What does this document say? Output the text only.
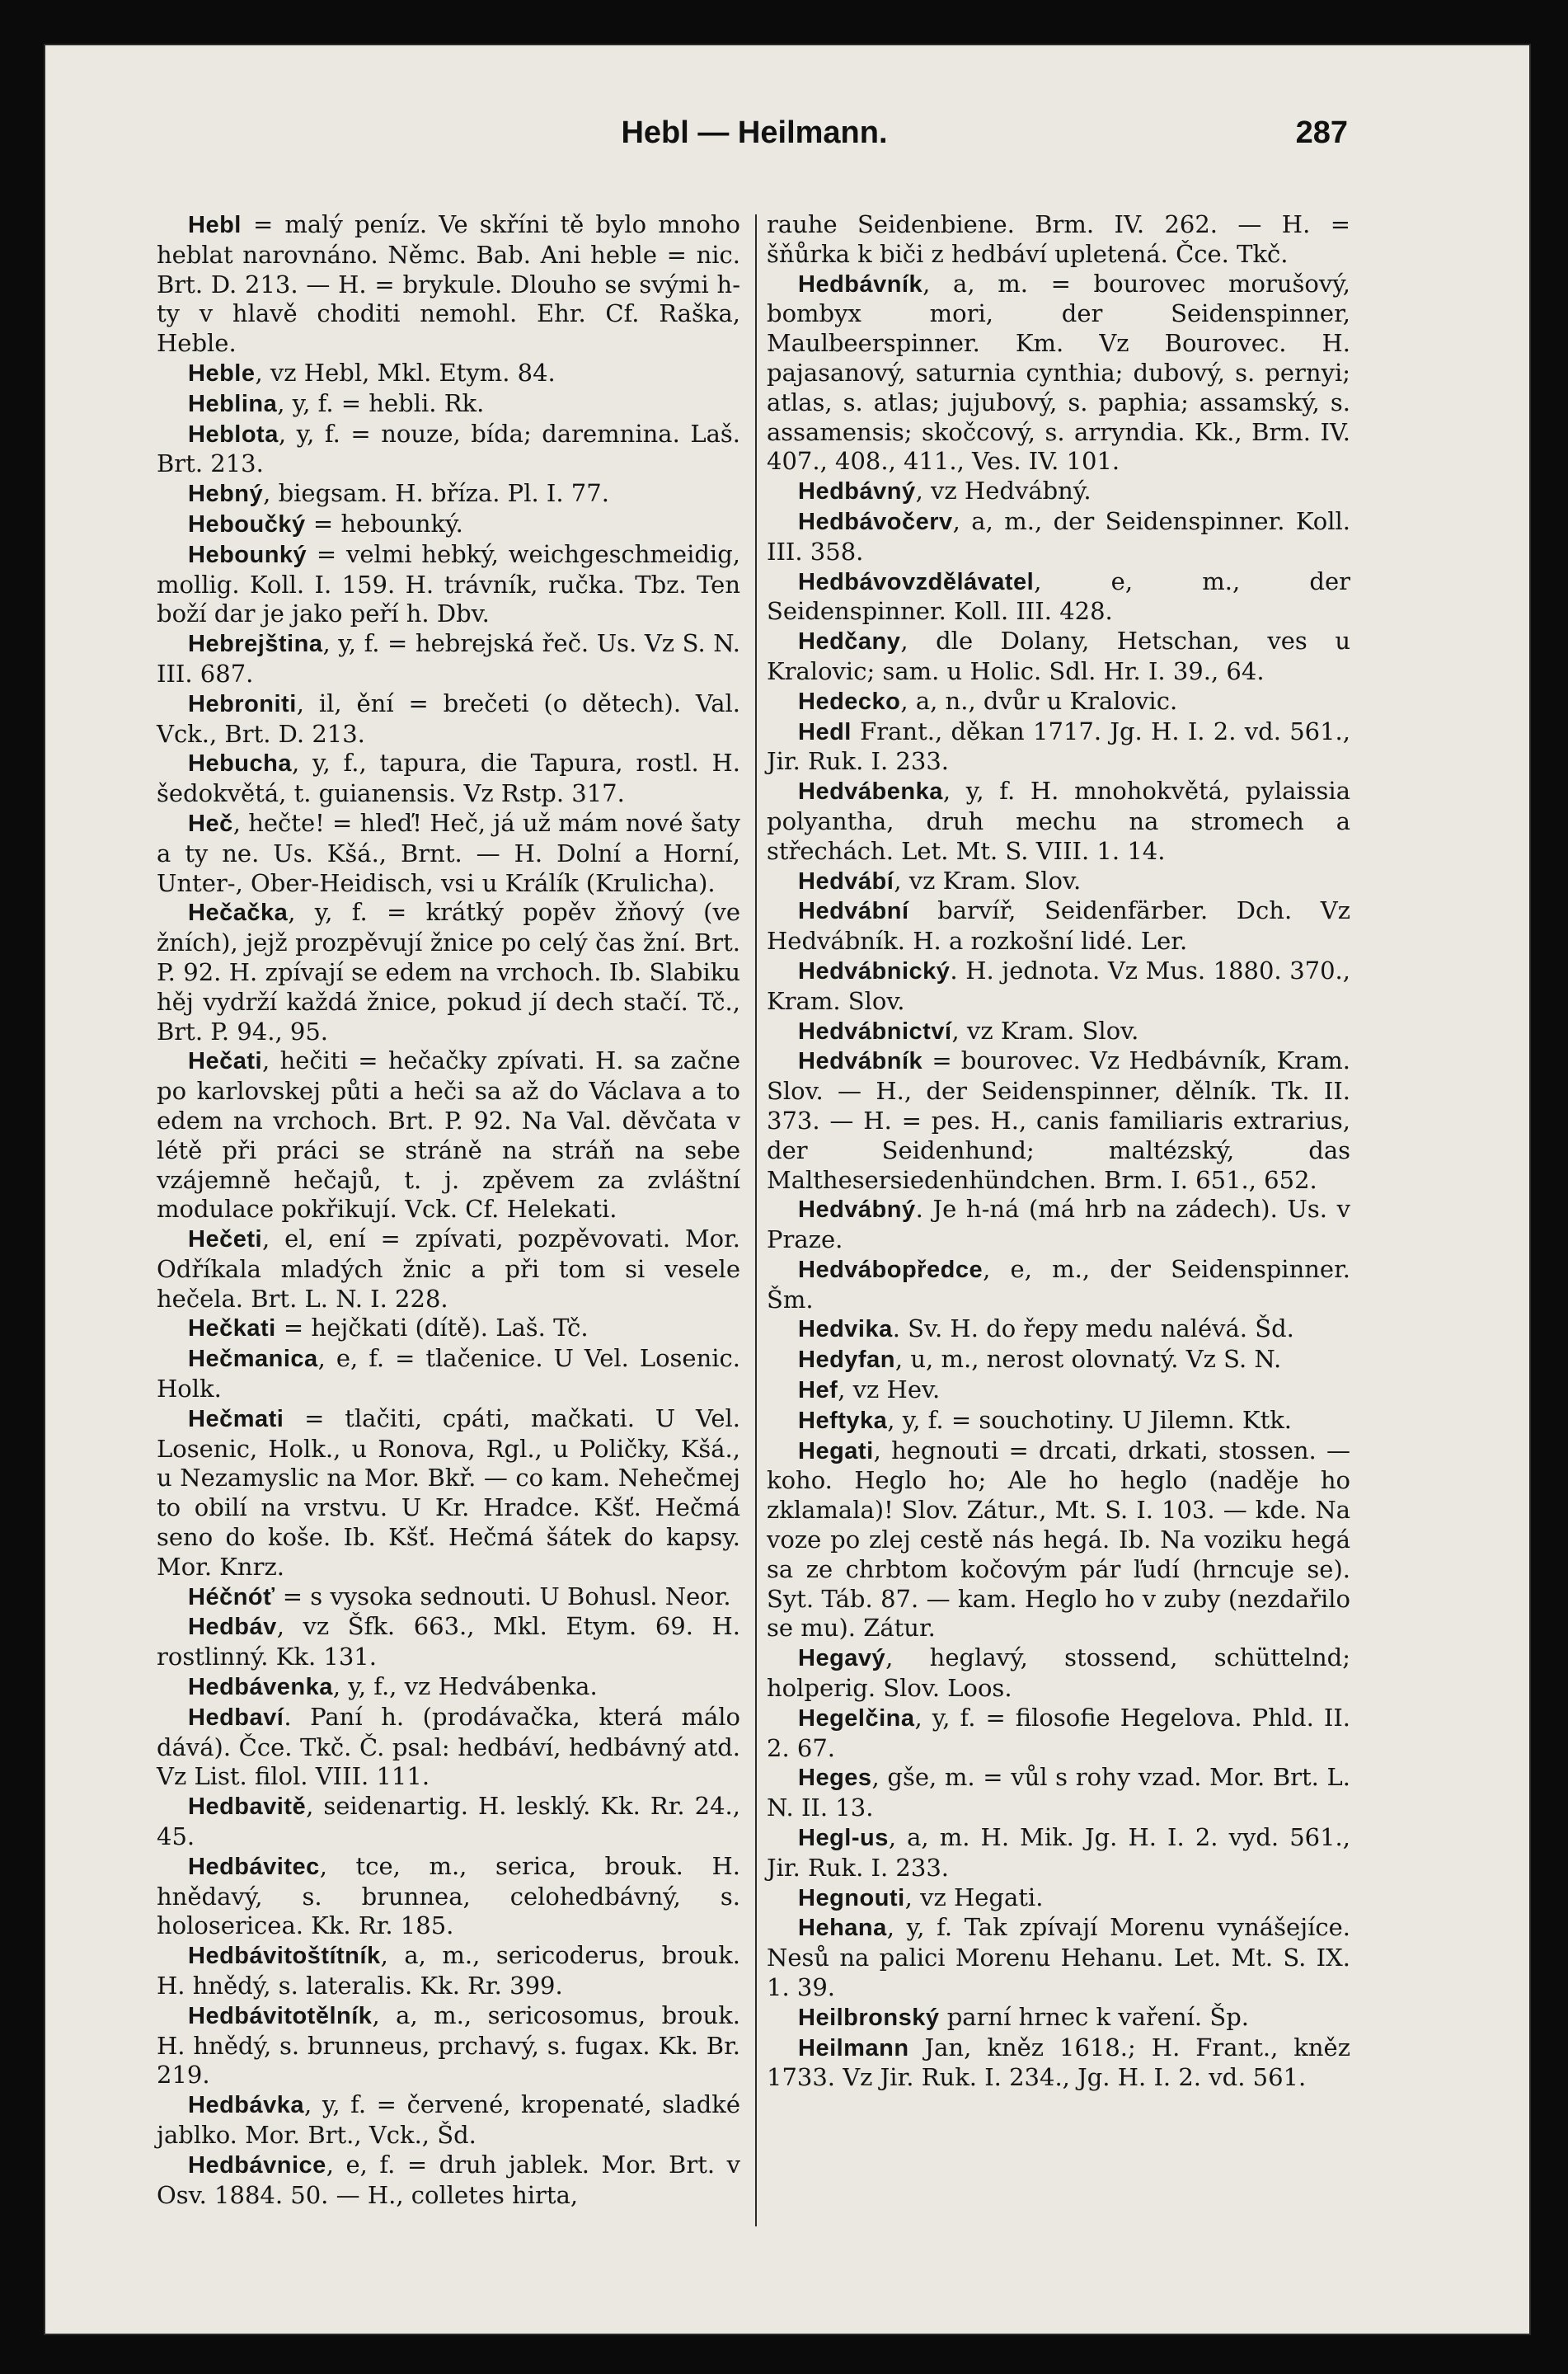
Hebl — Heilmann.	287

Hebl = malý peníz. Ve skříni tě bylo mnoho heblat narovnáno. Němc. Bab. Ani heble = nic. Brt. D. 213. — H. = brykule. Dlouho se svými h-ty v hlavě choditi nemohl. Ehr. Cf. Raška, Heble.

Heble, vz Hebl, Mkl. Etym. 84.

Heblina, y, f. = hebli. Rk.

Heblota, y, f. = nouze, bída; daremnina. Laš. Brt. 213.

Hebný, biegsam. H. bříza. Pl. I. 77.

Heboučký = hebounký.

Hebounký = velmi hebký, weichgeschmeidig, mollig. Koll. I. 159. H. trávník, ručka. Tbz. Ten boží dar je jako peří h. Dbv.

Hebrejština, y, f. = hebrejská řeč. Us. Vz S. N. III. 687.

Hebroniti, il, ění = brečeti (o dětech). Val. Vck., Brt. D. 213.

Hebucha, y, f., tapura, die Tapura, rostl. H. šedokvětá, t. guianensis. Vz Rstp. 317.

Heč, hečte! = hleď! Heč, já už mám nové šaty a ty ne. Us. Kšá., Brnt. — H. Dolní a Horní, Unter-, Ober-Heidisch, vsi u Králík (Krulicha).

Hečačka, y, f. = krátký popěv žňový (ve žních), jejž prozpěvují žnice po celý čas žní. Brt. P. 92. H. zpívají se edem na vrchoch. Ib. Slabiku hěj vydrží každá žnice, pokud jí dech stačí. Tč., Brt. P. 94., 95.

Hečati, hečiti = hečačky zpívati. H. sa začne po karlovskej půti a heči sa až do Václava a to edem na vrchoch. Brt. P. 92. Na Val. děvčata v létě při práci se stráně na stráň na sebe vzájemně hečajů, t. j. zpěvem za zvláštní modulace pokřikují. Vck. Cf. Helekati.

Hečeti, el, ení = zpívati, pozpěvovati. Mor. Odříkala mladých žnic a při tom si vesele hečela. Brt. L. N. I. 228.

Hečkati = hejčkati (dítě). Laš. Tč.

Hečmanica, e, f. = tlačenice. U Vel. Losenic. Holk.

Hečmati = tlačiti, cpáti, mačkati. U Vel. Losenic, Holk., u Ronova, Rgl., u Poličky, Kšá., u Nezamyslic na Mor. Bkř. — co kam. Nehečmej to obilí na vrstvu. U Kr. Hradce. Kšť. Hečmá seno do koše. Ib. Kšť. Hečmá šátek do kapsy. Mor. Knrz.

Héčnóť = s vysoka sednouti. U Bohusl. Neor.

Hedbáv, vz Šfk. 663., Mkl. Etym. 69. H. rostlinný. Kk. 131.

Hedbávenka, y, f., vz Hedvábenka.

Hedbaví. Paní h. (prodávačka, která málo dává). Čce. Tkč. Č. psal: hedbáví, hedbávný atd. Vz List. filol. VIII. 111.

Hedbavitě, seidenartig. H. lesklý. Kk. Rr. 24., 45.

Hedbávitec, tce, m., serica, brouk. H. hnědavý, s. brunnea, celohedbávný, s. holosericea. Kk. Rr. 185.

Hedbávitoštítník, a, m., sericoderus, brouk. H. hnědý, s. lateralis. Kk. Rr. 399.

Hedbávitotělník, a, m., sericosomus, brouk. H. hnědý, s. brunneus, prchavý, s. fugax. Kk. Br. 219.

Hedbávka, y, f. = červené, kropenaté, sladké jablko. Mor. Brt., Vck., Šd.

Hedbávnice, e, f. = druh jablek. Mor. Brt. v Osv. 1884. 50. — H., colletes hirta,

rauhe Seidenbiene. Brm. IV. 262. — H. = šňůrka k biči z hedbáví upletená. Čce. Tkč.

Hedbávník, a, m. = bourovec morušový, bombyx mori, der Seidenspinner, Maulbeerspinner. Km. Vz Bourovec. H. pajasanový, saturnia cynthia; dubový, s. pernyi; atlas, s. atlas; jujubový, s. paphia; assamský, s. assamensis; skočcový, s. arryndia. Kk., Brm. IV. 407., 408., 411., Ves. IV. 101.

Hedbávný, vz Hedvábný.

Hedbávočerv, a, m., der Seidenspinner. Koll. III. 358.

Hedbávovzdělávatel, e, m., der Seidenspinner. Koll. III. 428.

Hedčany, dle Dolany, Hetschan, ves u Kralovic; sam. u Holic. Sdl. Hr. I. 39., 64.

Hedecko, a, n., dvůr u Kralovic.

Hedl Frant., děkan 1717. Jg. H. I. 2. vd. 561., Jir. Ruk. I. 233.

Hedvábenka, y, f. H. mnohokvětá, pylaissia polyantha, druh mechu na stromech a střechách. Let. Mt. S. VIII. 1. 14.

Hedvábí, vz Kram. Slov.

Hedvábní barvíř, Seidenfärber. Dch. Vz Hedvábník. H. a rozkošní lidé. Ler.

Hedvábnický. H. jednota. Vz Mus. 1880. 370., Kram. Slov.

Hedvábnictví, vz Kram. Slov.

Hedvábník = bourovec. Vz Hedbávník, Kram. Slov. — H., der Seidenspinner, dělník. Tk. II. 373. — H. = pes. H., canis familiaris extrarius, der Seidenhund; maltézský, das Malthesersiedenhündchen. Brm. I. 651., 652.

Hedvábný. Je h-ná (má hrb na zádech). Us. v Praze.

Hedvábopředce, e, m., der Seidenspinner. Šm.

Hedvika. Sv. H. do řepy medu nalévá. Šd.

Hedyfan, u, m., nerost olovnatý. Vz S. N.

Hef, vz Hev.

Heftyka, y, f. = souchotiny. U Jilemn. Ktk.

Hegati, hegnouti = drcati, drkati, stossen. — koho. Heglo ho; Ale ho heglo (naděje ho zklamala)! Slov. Zátur., Mt. S. I. 103. — kde. Na voze po zlej cestě nás hegá. Ib. Na voziku hegá sa ze chrbtom kočovým pár ľudí (hrncuje se). Syt. Táb. 87. — kam. Heglo ho v zuby (nezdařilo se mu). Zátur.

Hegavý, heglavý, stossend, schüttelnd; holperig. Slov. Loos.

Hegelčina, y, f. = filosofie Hegelova. Phld. II. 2. 67.

Heges, gše, m. = vůl s rohy vzad. Mor. Brt. L. N. II. 13.

Hegl-us, a, m. H. Mik. Jg. H. I. 2. vyd. 561., Jir. Ruk. I. 233.

Hegnouti, vz Hegati.

Hehana, y, f. Tak zpívají Morenu vynášejíce. Nesů na palici Morenu Hehanu. Let. Mt. S. IX. 1. 39.

Heilbronský parní hrnec k vaření. Šp.

Heilmann Jan, kněz 1618.; H. Frant., kněz 1733. Vz Jir. Ruk. I. 234., Jg. H. I. 2. vd. 561.
